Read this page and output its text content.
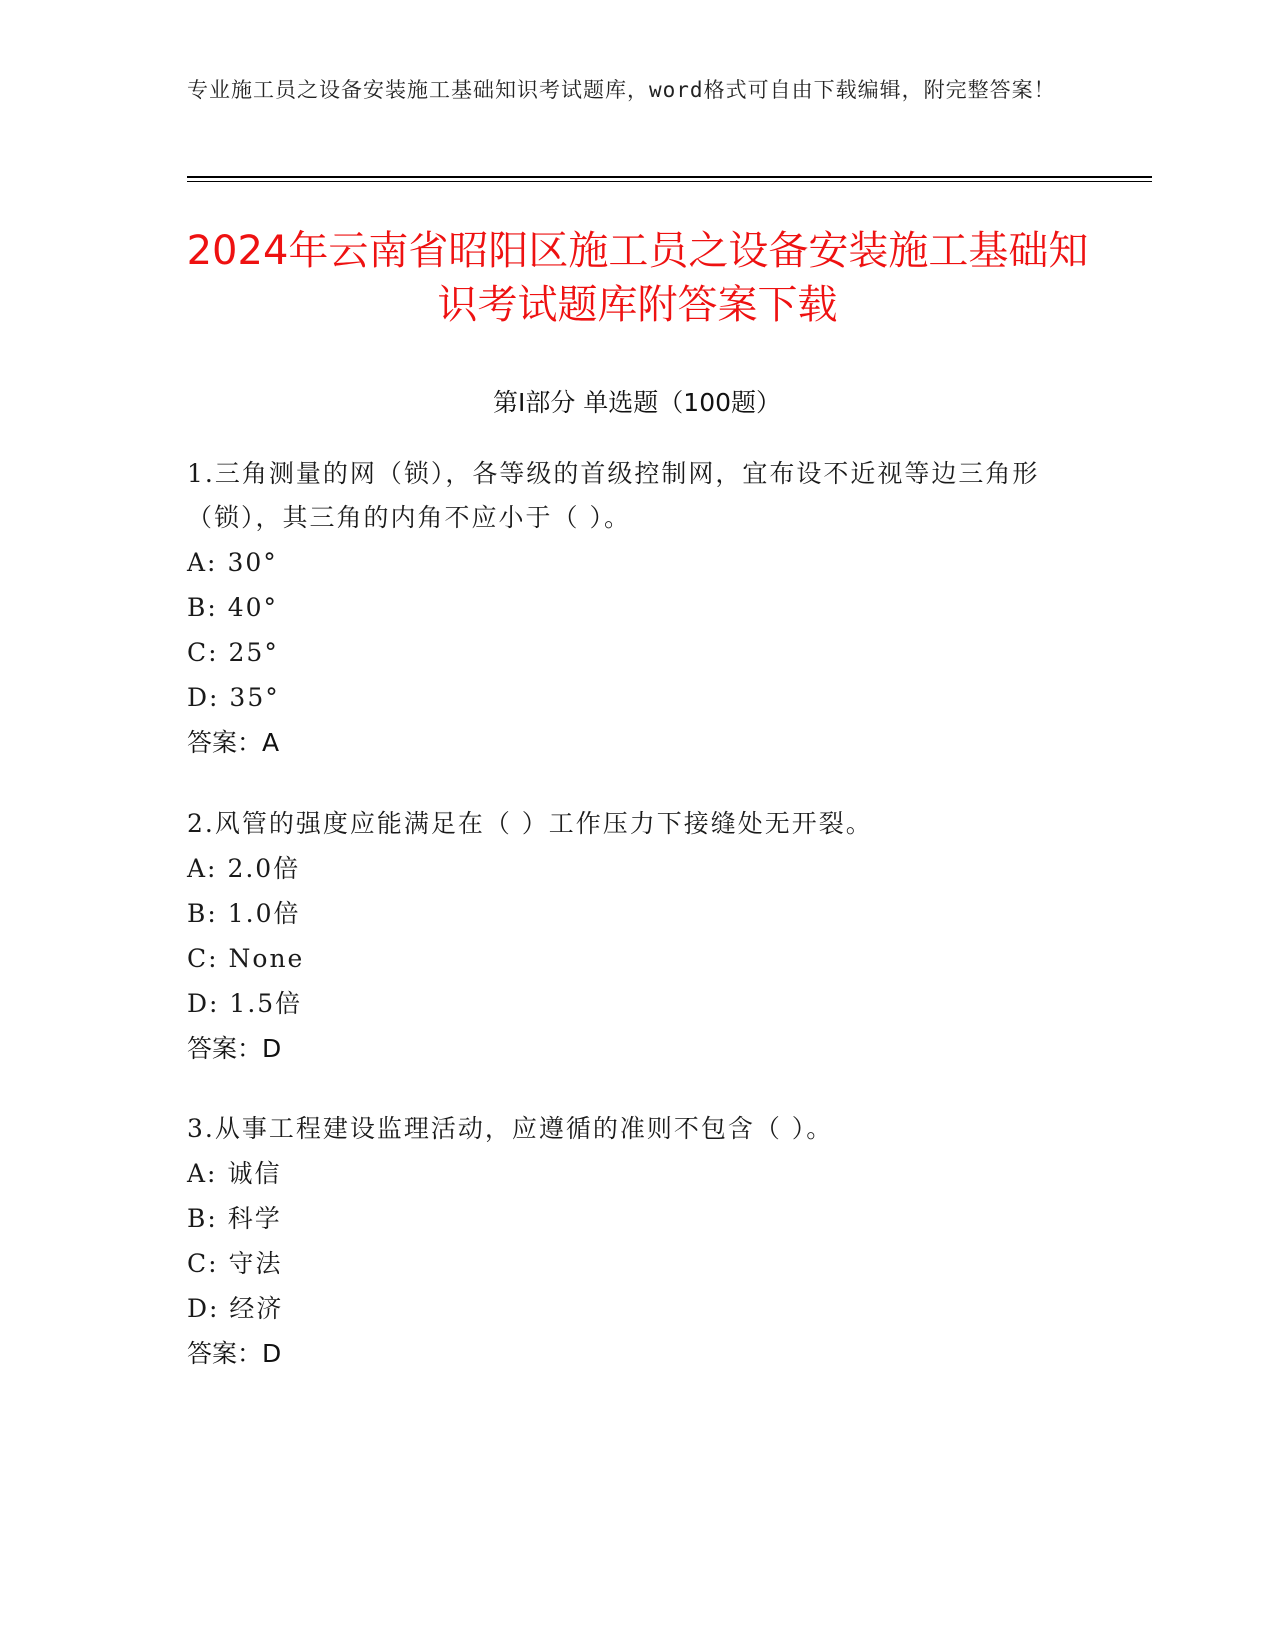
专业施工员之设备安装施工基础知识考试题库，word格式可自由下载编辑，附完整答案！
2024年云南省昭阳区施工员之设备安装施工基础知识考试题库附答案下载
第I部分 单选题（100题）

1.三角测量的网（锁），各等级的首级控制网，宜布设不近视等边三角形（锁），其三角的内角不应小于（ ）。

A: 30°

B: 40°

C: 25°

D: 35°

答案：A

2.风管的强度应能满足在（ ）工作压力下接缝处无开裂。

A: 2.0倍

B: 1.0倍

C: None

D: 1.5倍

答案：D

3.从事工程建设监理活动，应遵循的准则不包含（ ）。

A: 诚信

B: 科学

C: 守法

D: 经济

答案：D
